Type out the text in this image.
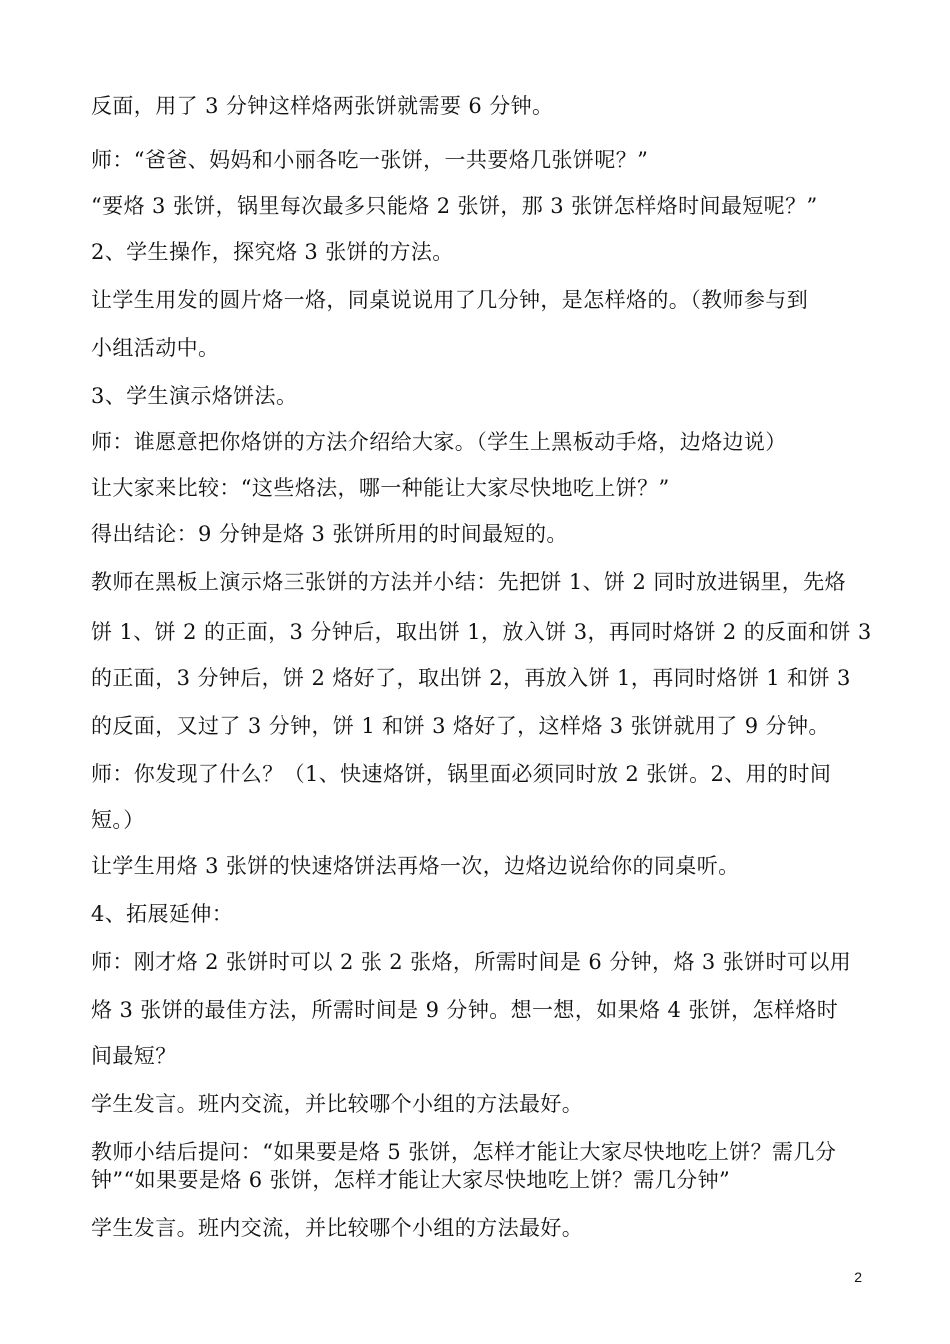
反面，用了 3 分钟这样烙两张饼就需要 6 分钟。
师：“爸爸、妈妈和小丽各吃一张饼，一共要烙几张饼呢？”
“要烙 3 张饼，锅里每次最多只能烙 2 张饼，那 3 张饼怎样烙时间最短呢？”
2、学生操作，探究烙 3 张饼的方法。
让学生用发的圆片烙一烙，同桌说说用了几分钟，是怎样烙的。（教师参与到
小组活动中。
3、学生演示烙饼法。
师：谁愿意把你烙饼的方法介绍给大家。（学生上黑板动手烙，边烙边说）
让大家来比较：“这些烙法，哪一种能让大家尽快地吃上饼？”
得出结论：9 分钟是烙 3 张饼所用的时间最短的。
教师在黑板上演示烙三张饼的方法并小结：先把饼 1、饼 2 同时放进锅里，先烙
饼 1、饼 2 的正面，3 分钟后，取出饼 1，放入饼 3，再同时烙饼 2 的反面和饼 3
的正面，3 分钟后，饼 2 烙好了，取出饼 2，再放入饼 1，再同时烙饼 1 和饼 3
的反面，又过了 3 分钟，饼 1 和饼 3 烙好了，这样烙 3 张饼就用了 9 分钟。
师：你发现了什么？（1、快速烙饼，锅里面必须同时放 2 张饼。2、用的时间
短。）
让学生用烙 3 张饼的快速烙饼法再烙一次，边烙边说给你的同桌听。
4、拓展延伸：
师：刚才烙 2 张饼时可以 2 张 2 张烙，所需时间是 6 分钟，烙 3 张饼时可以用
烙 3 张饼的最佳方法，所需时间是 9 分钟。想一想，如果烙 4 张饼，怎样烙时
间最短？
学生发言。班内交流，并比较哪个小组的方法最好。
教师小结后提问：“如果要是烙 5 张饼，怎样才能让大家尽快地吃上饼？需几分
钟”“如果要是烙 6 张饼，怎样才能让大家尽快地吃上饼？需几分钟”
学生发言。班内交流，并比较哪个小组的方法最好。
2
